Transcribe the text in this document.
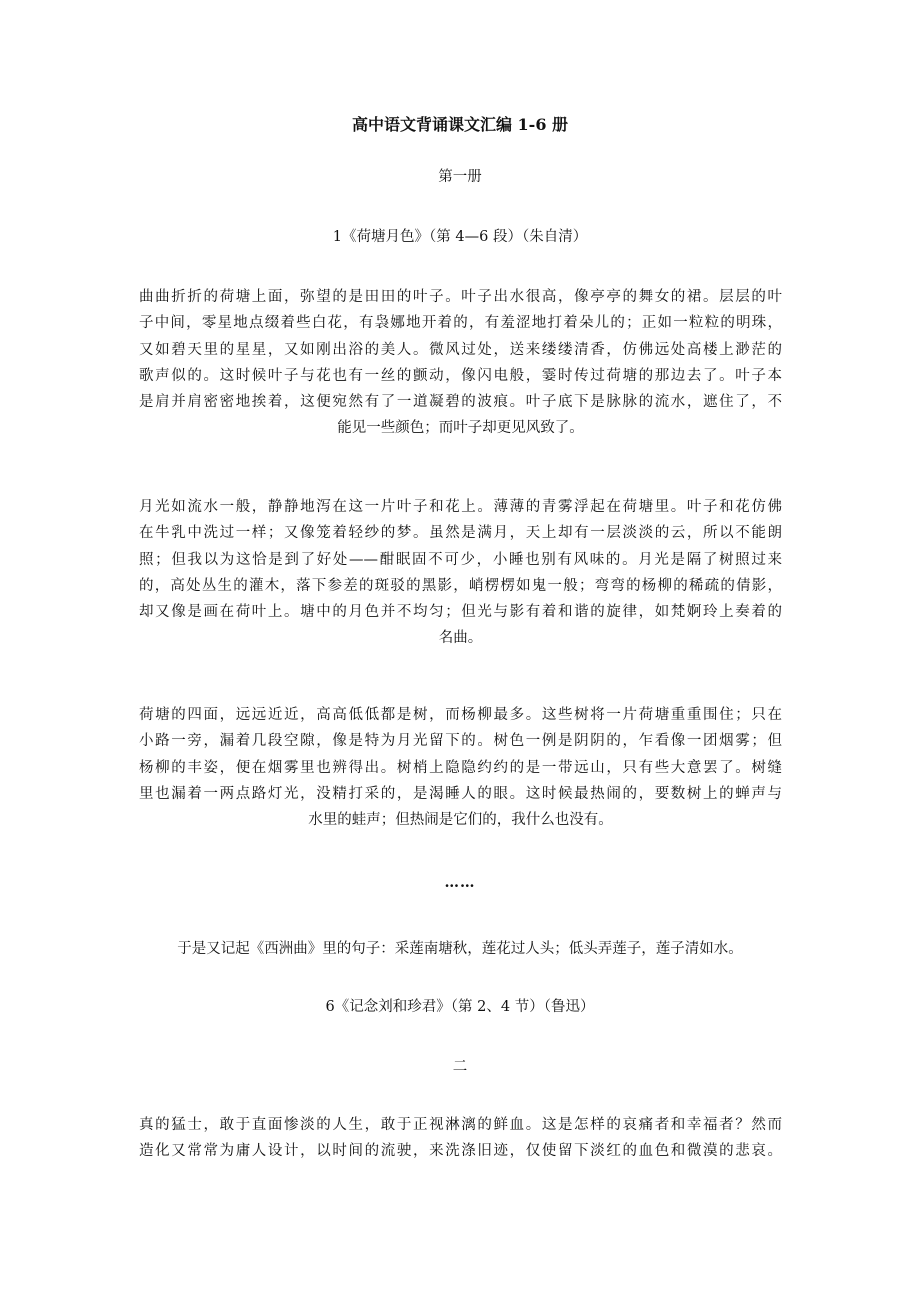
高中语文背诵课文汇编 1-6 册
第一册
1《荷塘月色》（第 4—6 段）（朱自清）
曲曲折折的荷塘上面，弥望的是田田的叶子。叶子出水很高，像亭亭的舞女的裙。层层的叶
子中间，零星地点缀着些白花，有袅娜地开着的，有羞涩地打着朵儿的；正如一粒粒的明珠，
又如碧天里的星星，又如刚出浴的美人。微风过处，送来缕缕清香，仿佛远处高楼上渺茫的
歌声似的。这时候叶子与花也有一丝的颤动，像闪电般，霎时传过荷塘的那边去了。叶子本
是肩并肩密密地挨着，这便宛然有了一道凝碧的波痕。叶子底下是脉脉的流水，遮住了，不
能见一些颜色；而叶子却更见风致了。
月光如流水一般，静静地泻在这一片叶子和花上。薄薄的青雾浮起在荷塘里。叶子和花仿佛
在牛乳中洗过一样；又像笼着轻纱的梦。虽然是满月，天上却有一层淡淡的云，所以不能朗
照；但我以为这恰是到了好处——酣眠固不可少，小睡也别有风味的。月光是隔了树照过来
的，高处丛生的灌木，落下参差的斑驳的黑影，峭楞楞如鬼一般；弯弯的杨柳的稀疏的倩影，
却又像是画在荷叶上。塘中的月色并不均匀；但光与影有着和谐的旋律，如梵婀玲上奏着的
名曲。
荷塘的四面，远远近近，高高低低都是树，而杨柳最多。这些树将一片荷塘重重围住；只在
小路一旁，漏着几段空隙，像是特为月光留下的。树色一例是阴阴的，乍看像一团烟雾；但
杨柳的丰姿，便在烟雾里也辨得出。树梢上隐隐约约的是一带远山，只有些大意罢了。树缝
里也漏着一两点路灯光，没精打采的，是渴睡人的眼。这时候最热闹的，要数树上的蝉声与
水里的蛙声；但热闹是它们的，我什么也没有。
……
于是又记起《西洲曲》里的句子：采莲南塘秋，莲花过人头；低头弄莲子，莲子清如水。
6《记念刘和珍君》（第 2、4 节）（鲁迅）
二
真的猛士，敢于直面惨淡的人生，敢于正视淋漓的鲜血。这是怎样的哀痛者和幸福者？然而
造化又常常为庸人设计，以时间的流驶，来洗涤旧迹，仅使留下淡红的血色和微漠的悲哀。
